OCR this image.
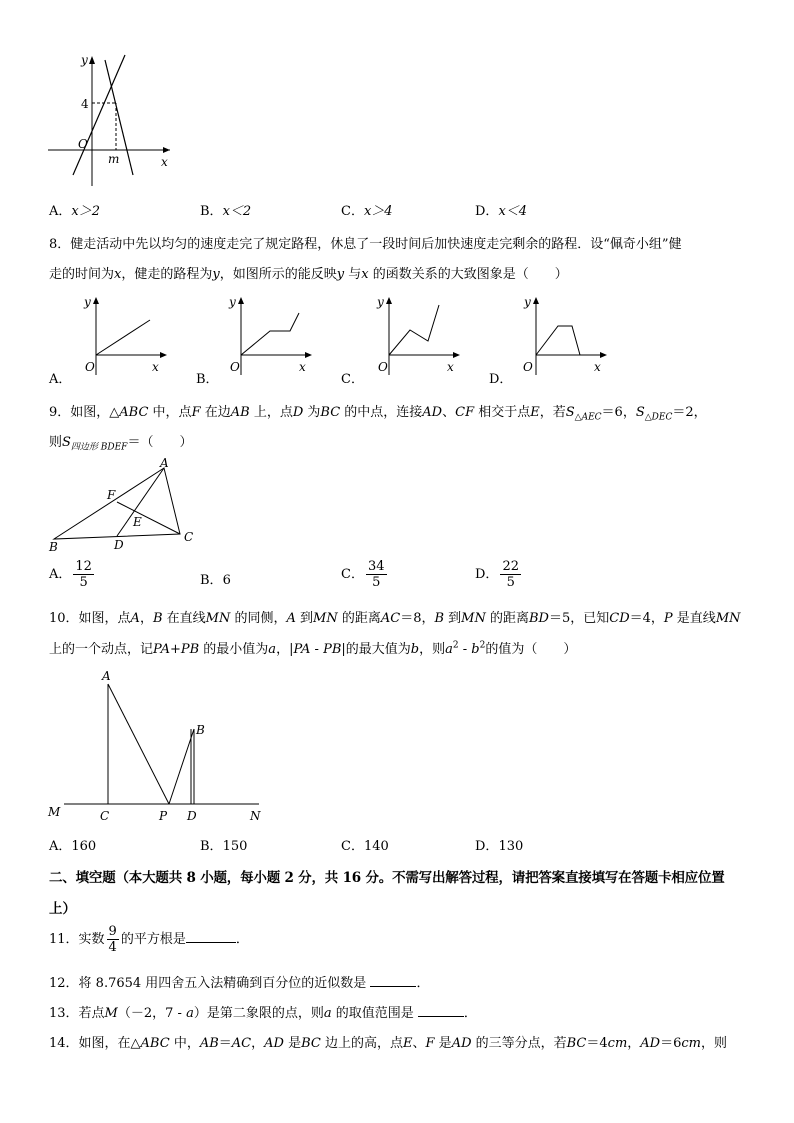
y
x
O
4
m
A．x＞2	B．x＜2	C．x＞4	D．x＜4
8．健走活动中先以均匀的速度走完了规定路程，休息了一段时间后加快速度走完剩余的路程．设“佩奇小组”健
走的时间为x，健走的路程为y，如图所示的能反映y 与x 的函数关系的大致图象是（　　）
A．
y
O	x
B．
y
O	x
C．
y
O	x
D．
y
O	x
9．如图，△ABC 中，点F 在边AB 上，点D 为BC 的中点，连接AD、CF 相交于点E，若$S_{\triangle AEC}=6$，$S_{\triangle DEC}=2$，
则$S_{四边形 BDEF}=$（　　）
A
F
E
B	D
C
A． $\frac{12}{5}$	B．6	C． $\frac{34}{5}$	D． $\frac{22}{5}$
10．如图，点A，B 在直线MN 的同侧，A 到MN 的距离AC＝8，B 到MN 的距离BD＝5，已知CD＝4，P 是直线MN
上的一个动点，记PA+PB 的最小值为a，|PA - PB|的最大值为b，则$a^2 - b^2$的值为（　　）
A
B
M	C	P D	N
A．160	B．150	C．140	D．130
二、填空题（本大题共 8 小题，每小题 2 分，共 16 分。不需写出解答过程，请把答案直接填写在答题卡相应位置
上）
11．实数 $\frac{9}{4}$ 的平方根是	．
12．将 8.7654 用四舍五入法精确到百分位的近似数是	．
13．若点M（－2，7 - a）是第二象限的点，则a 的取值范围是	．
14．如图，在△ABC 中，AB＝AC，AD 是BC 边上的高，点E、F 是AD 的三等分点，若BC＝4cm，AD＝6cm，则
